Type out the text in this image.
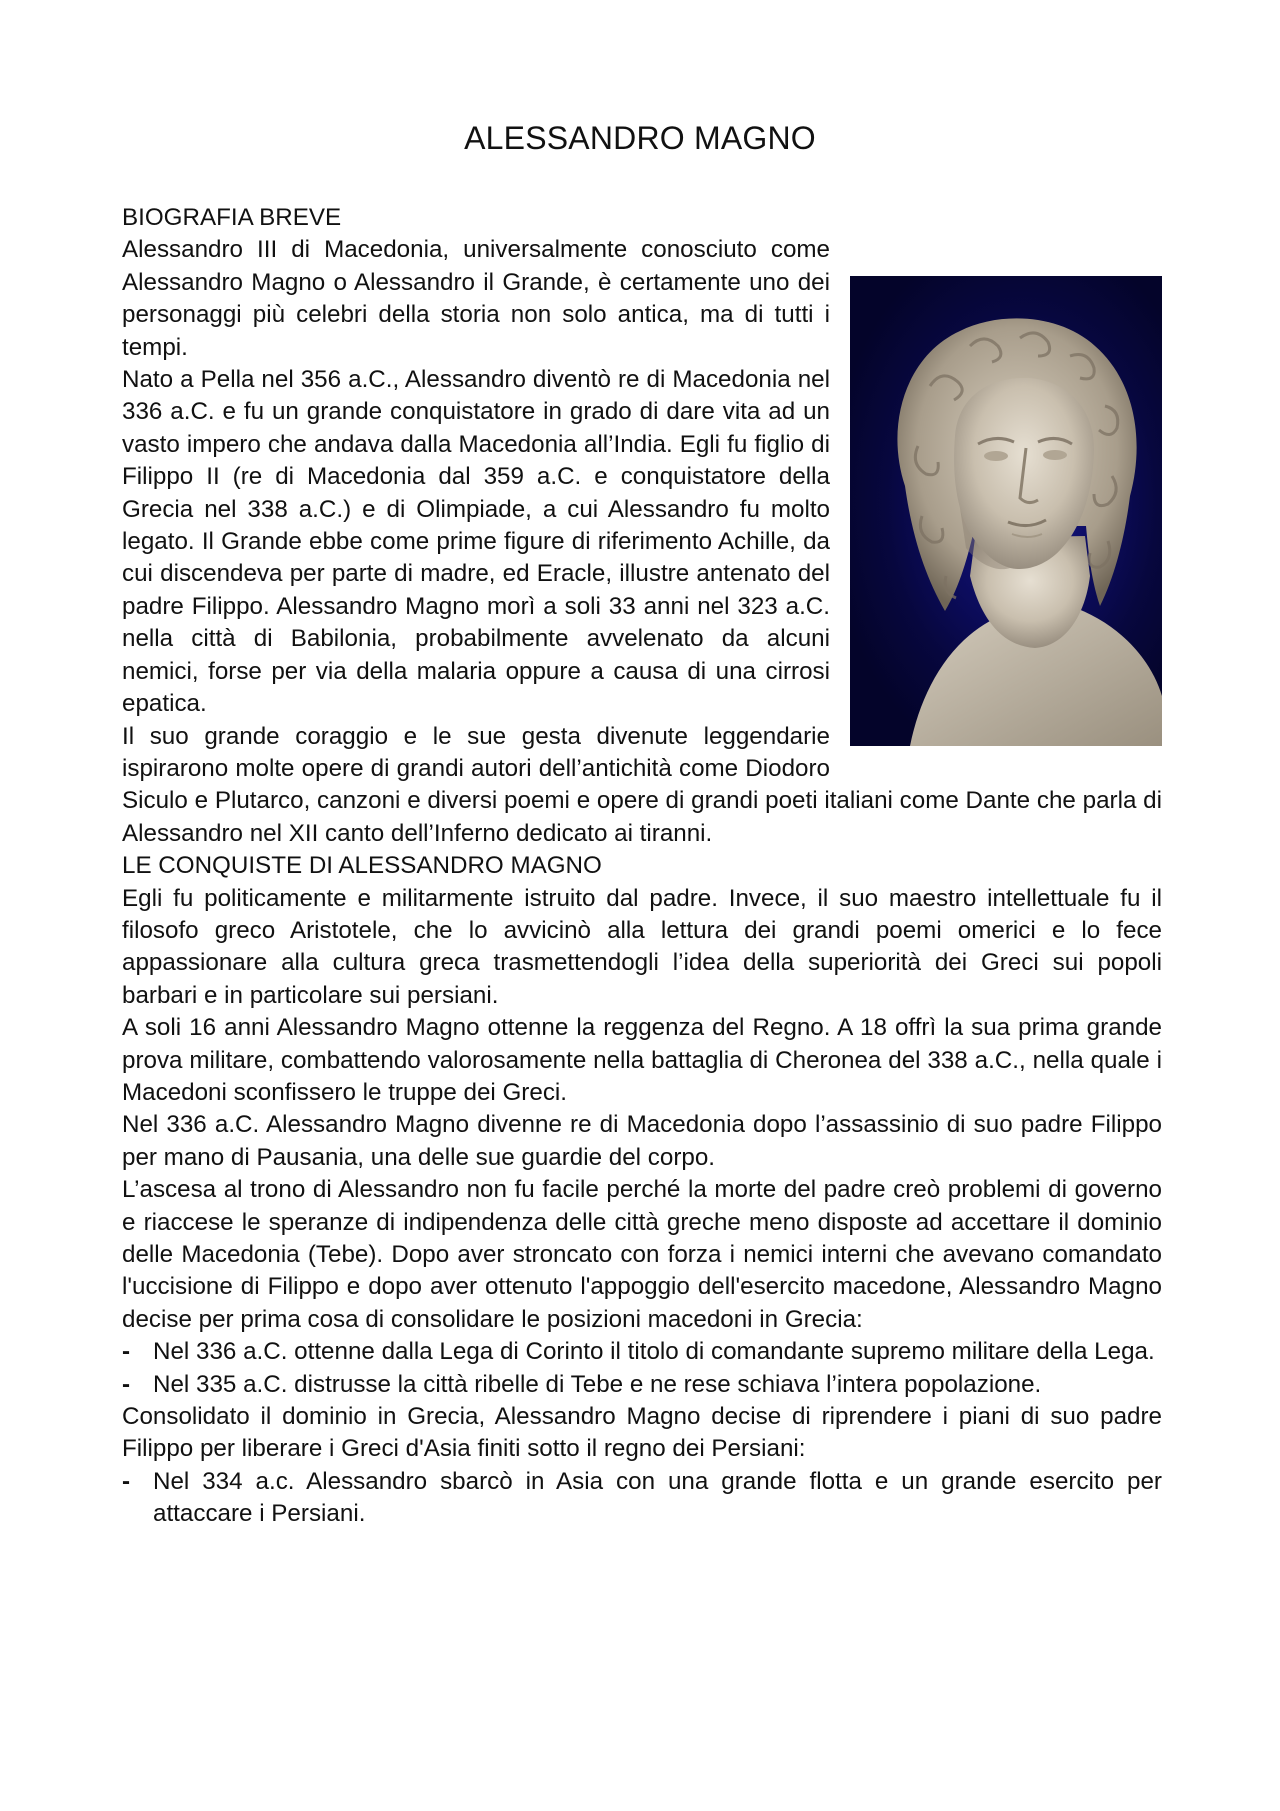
ALESSANDRO MAGNO
BIOGRAFIA BREVE

Alessandro III di Macedonia, universalmente conosciuto come Alessandro Magno o Alessandro il Grande, è certamente uno dei personaggi più celebri della storia non solo antica, ma di tutti i tempi.

Nato a Pella nel 356 a.C., Alessandro diventò re di Macedonia nel 336 a.C. e fu un grande conquistatore in grado di dare vita ad un vasto impero che andava dalla Macedonia all’India. Egli fu figlio di Filippo II (re di Macedonia dal 359 a.C. e conquistatore della Grecia nel 338 a.C.) e di Olimpiade, a cui Alessandro fu molto legato. Il Grande ebbe come prime figure di riferimento Achille, da cui discendeva per parte di madre, ed Eracle, illustre antenato del padre Filippo. Alessandro Magno morì a soli 33 anni nel 323 a.C. nella città di Babilonia, probabilmente avvelenato da alcuni nemici, forse per via della malaria oppure a causa di una cirrosi epatica.

Il suo grande coraggio e le sue gesta divenute leggendarie ispirarono molte opere di grandi autori dell’antichità come Diodoro Siculo e Plutarco, canzoni e diversi poemi e opere di grandi poeti italiani come Dante che parla di Alessandro nel XII canto dell’Inferno dedicato ai tiranni.

LE CONQUISTE DI ALESSANDRO MAGNO

Egli fu politicamente e militarmente istruito dal padre. Invece, il suo maestro intellettuale fu il filosofo greco Aristotele, che lo avvicinò alla lettura dei grandi poemi omerici e lo fece appassionare alla cultura greca trasmettendogli l’idea della superiorità dei Greci sui popoli barbari e in particolare sui persiani.

A soli 16 anni Alessandro Magno ottenne la reggenza del Regno. A 18 offrì la sua prima grande prova militare, combattendo valorosamente nella battaglia di Cheronea del 338 a.C., nella quale i Macedoni sconfissero le truppe dei Greci.

Nel 336 a.C. Alessandro Magno divenne re di Macedonia dopo l’assassinio di suo padre Filippo per mano di Pausania, una delle sue guardie del corpo.

L’ascesa al trono di Alessandro non fu facile perché la morte del padre creò problemi di governo e riaccese le speranze di indipendenza delle città greche meno disposte ad accettare il dominio delle Macedonia (Tebe). Dopo aver stroncato con forza i nemici interni che avevano comandato l'uccisione di Filippo e dopo aver ottenuto l'appoggio dell'esercito macedone, Alessandro Magno decise per prima cosa di consolidare le posizioni macedoni in Grecia:

- Nel 336 a.C. ottenne dalla Lega di Corinto il titolo di comandante supremo militare della Lega.
- Nel 335 a.C. distrusse la città ribelle di Tebe e ne rese schiava l’intera popolazione.

Consolidato il dominio in Grecia, Alessandro Magno decise di riprendere i piani di suo padre Filippo per liberare i Greci d'Asia finiti sotto il regno dei Persiani:

- Nel 334 a.c. Alessandro sbarcò in Asia con una grande flotta e un grande esercito per attaccare i Persiani.
